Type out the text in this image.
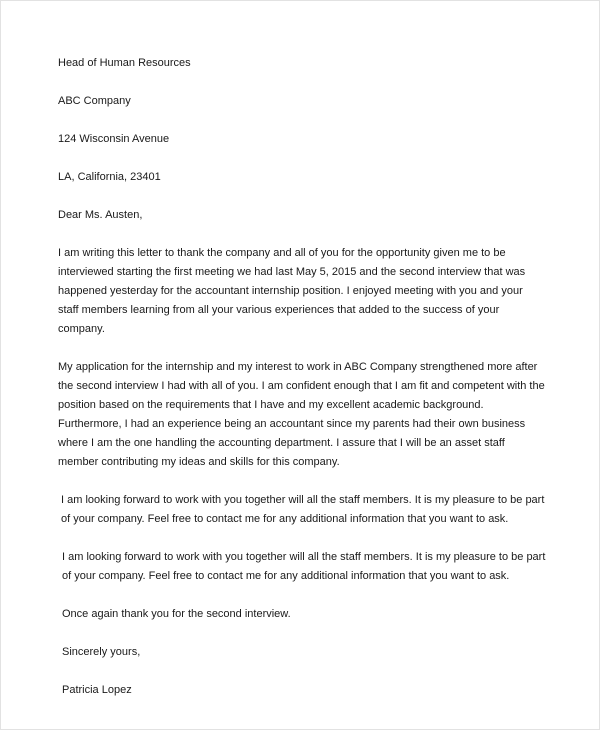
Head of Human Resources
ABC Company
124 Wisconsin Avenue
LA, California, 23401
Dear Ms. Austen,
I am writing this letter to thank the company and all of you for the opportunity given me to be interviewed starting the first meeting we had last May 5, 2015 and the second interview that was happened yesterday for the accountant internship position. I enjoyed meeting with you and your staff members learning from all your various experiences that added to the success of your company.
My application for the internship and my interest to work in ABC Company strengthened more after the second interview I had with all of you. I am confident enough that I am fit and competent with the position based on the requirements that I have and my excellent academic background. Furthermore, I had an experience being an accountant since my parents had their own business where I am the one handling the accounting department. I assure that I will be an asset staff member contributing my ideas and skills for this company.
I am looking forward to work with you together will all the staff members. It is my pleasure to be part of your company. Feel free to contact me for any additional information that you want to ask.
I am looking forward to work with you together will all the staff members. It is my pleasure to be part of your company. Feel free to contact me for any additional information that you want to ask.
Once again thank you for the second interview.
Sincerely yours,
Patricia Lopez
